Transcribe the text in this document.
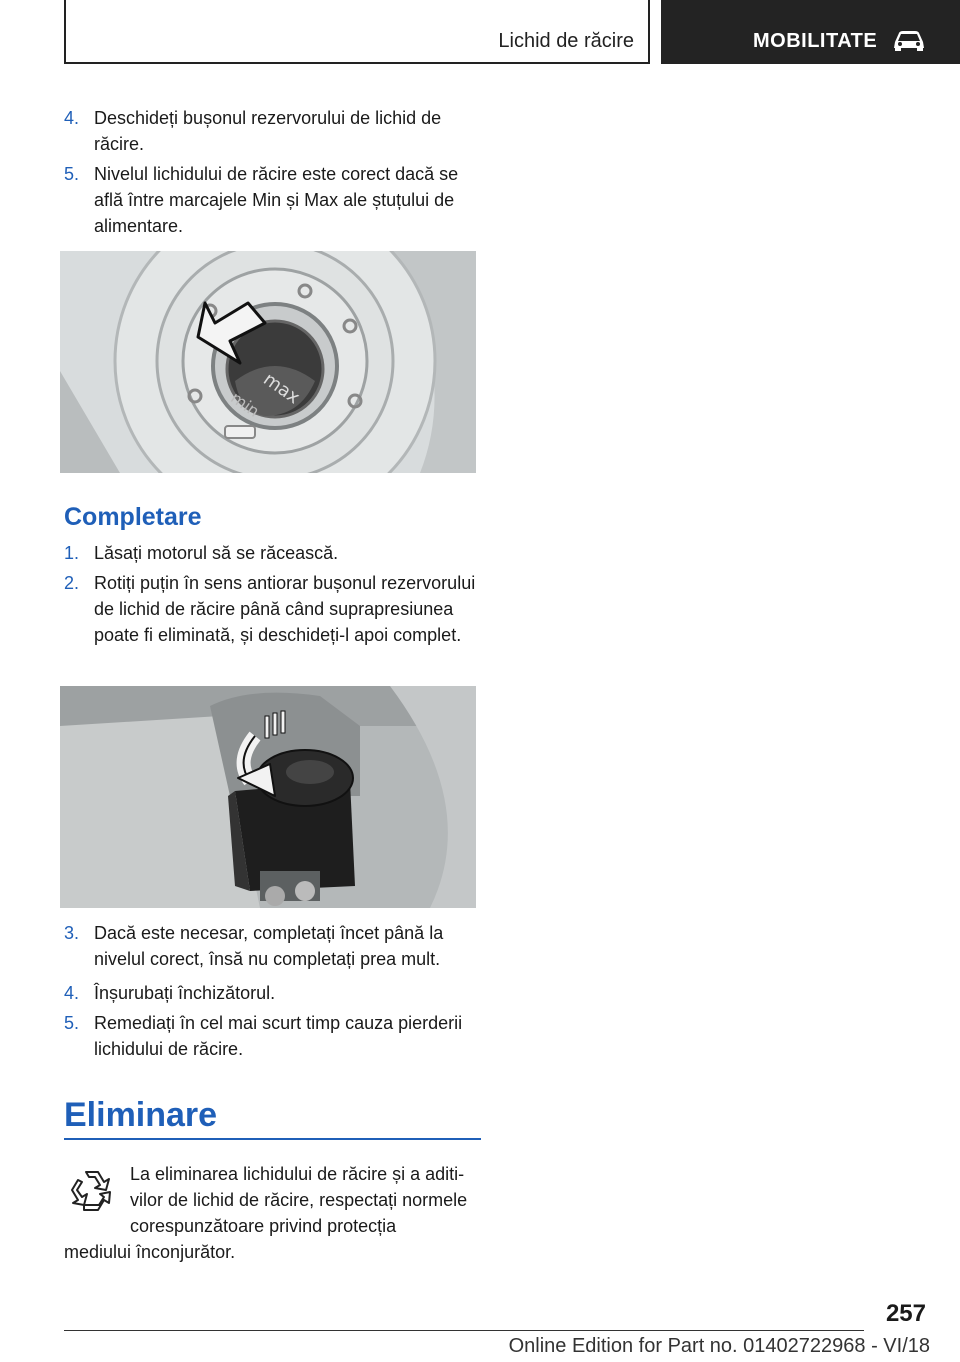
Lichid de răcire	MOBILITATE
4. Deschideți bușonul rezervorului de lichid de răcire.
5. Nivelul lichidului de răcire este corect dacă se află între marcajele Min și Max ale ștuțului de alimentare.
max
min
Completare
1. Lăsați motorul să se răcească.
2. Rotiți puțin în sens antiorar bușonul rezervorului de lichid de răcire până când suprapresiunea poate fi eliminată, și deschideți-l apoi complet.
3. Dacă este necesar, completați încet până la nivelul corect, însă nu completați prea mult.
4. Înșurubați închizătorul.
5. Remediați în cel mai scurt timp cauza pierderii lichidului de răcire.
Eliminare
La eliminarea lichidului de răcire și a aditivilor de lichid de răcire, respectați normele corespunzătoare privind protecția
mediului înconjurător.
257
Online Edition for Part no. 01402722968 - VI/18
